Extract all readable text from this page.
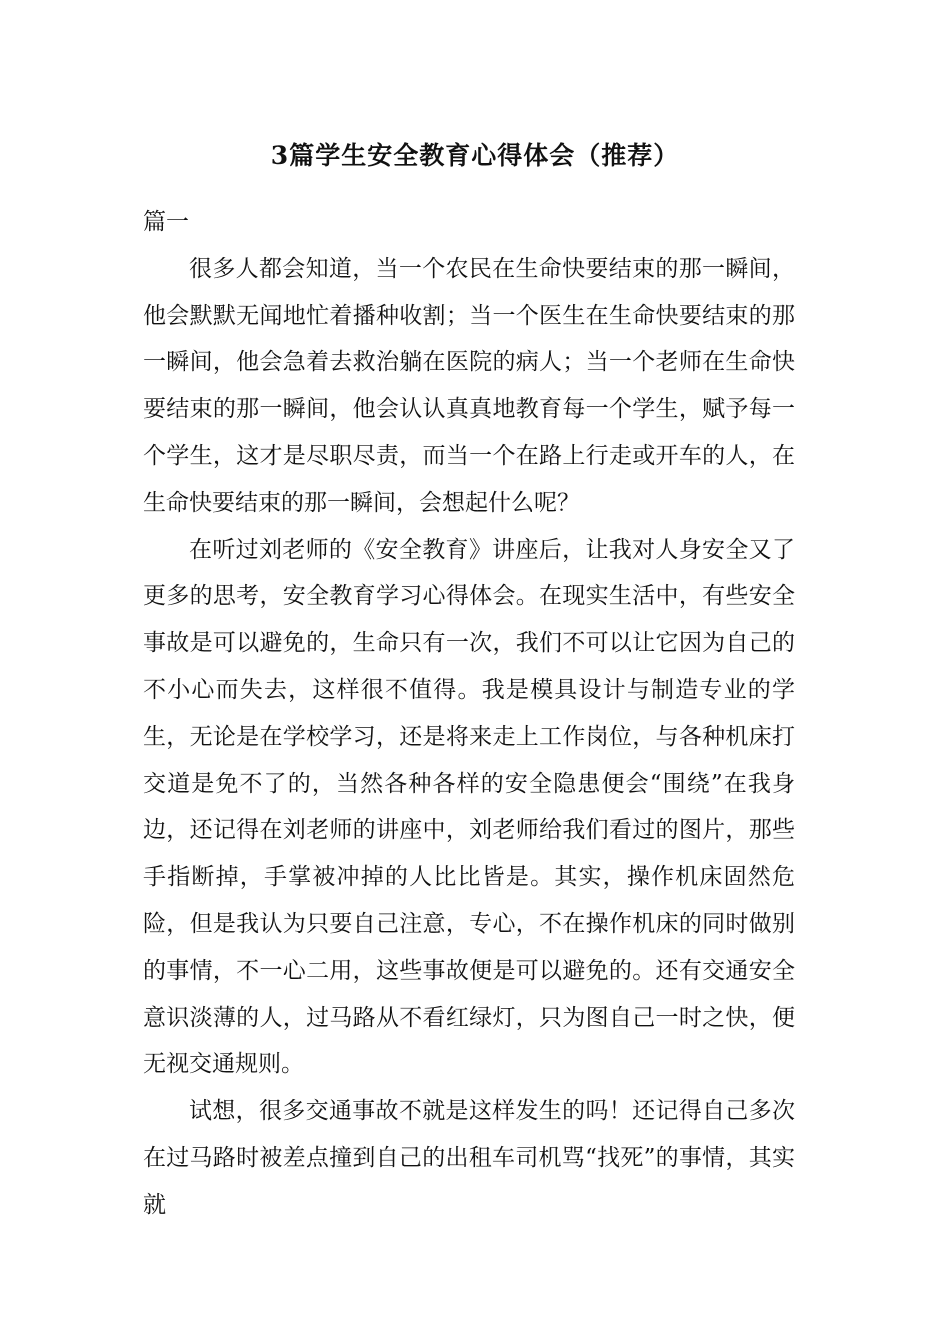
3篇学生安全教育心得体会（推荐）

篇一

很多人都会知道，当一个农民在生命快要结束的那一瞬间，他会默默无闻地忙着播种收割；当一个医生在生命快要结束的那一瞬间，他会急着去救治躺在医院的病人；当一个老师在生命快要结束的那一瞬间，他会认认真真地教育每一个学生，赋予每一个学生，这才是尽职尽责，而当一个在路上行走或开车的人，在生命快要结束的那一瞬间，会想起什么呢？

在听过刘老师的《安全教育》讲座后，让我对人身安全又了更多的思考，安全教育学习心得体会。在现实生活中，有些安全事故是可以避免的，生命只有一次，我们不可以让它因为自己的不小心而失去，这样很不值得。我是模具设计与制造专业的学生，无论是在学校学习，还是将来走上工作岗位，与各种机床打交道是免不了的，当然各种各样的安全隐患便会“围绕”在我身边，还记得在刘老师的讲座中，刘老师给我们看过的图片，那些手指断掉，手掌被冲掉的人比比皆是。其实，操作机床固然危险，但是我认为只要自己注意，专心，不在操作机床的同时做别的事情，不一心二用，这些事故便是可以避免的。还有交通安全意识淡薄的人，过马路从不看红绿灯，只为图自己一时之快，便无视交通规则。

试想，很多交通事故不就是这样发生的吗！还记得自己多次在过马路时被差点撞到自己的出租车司机骂“找死”的事情，其实就
